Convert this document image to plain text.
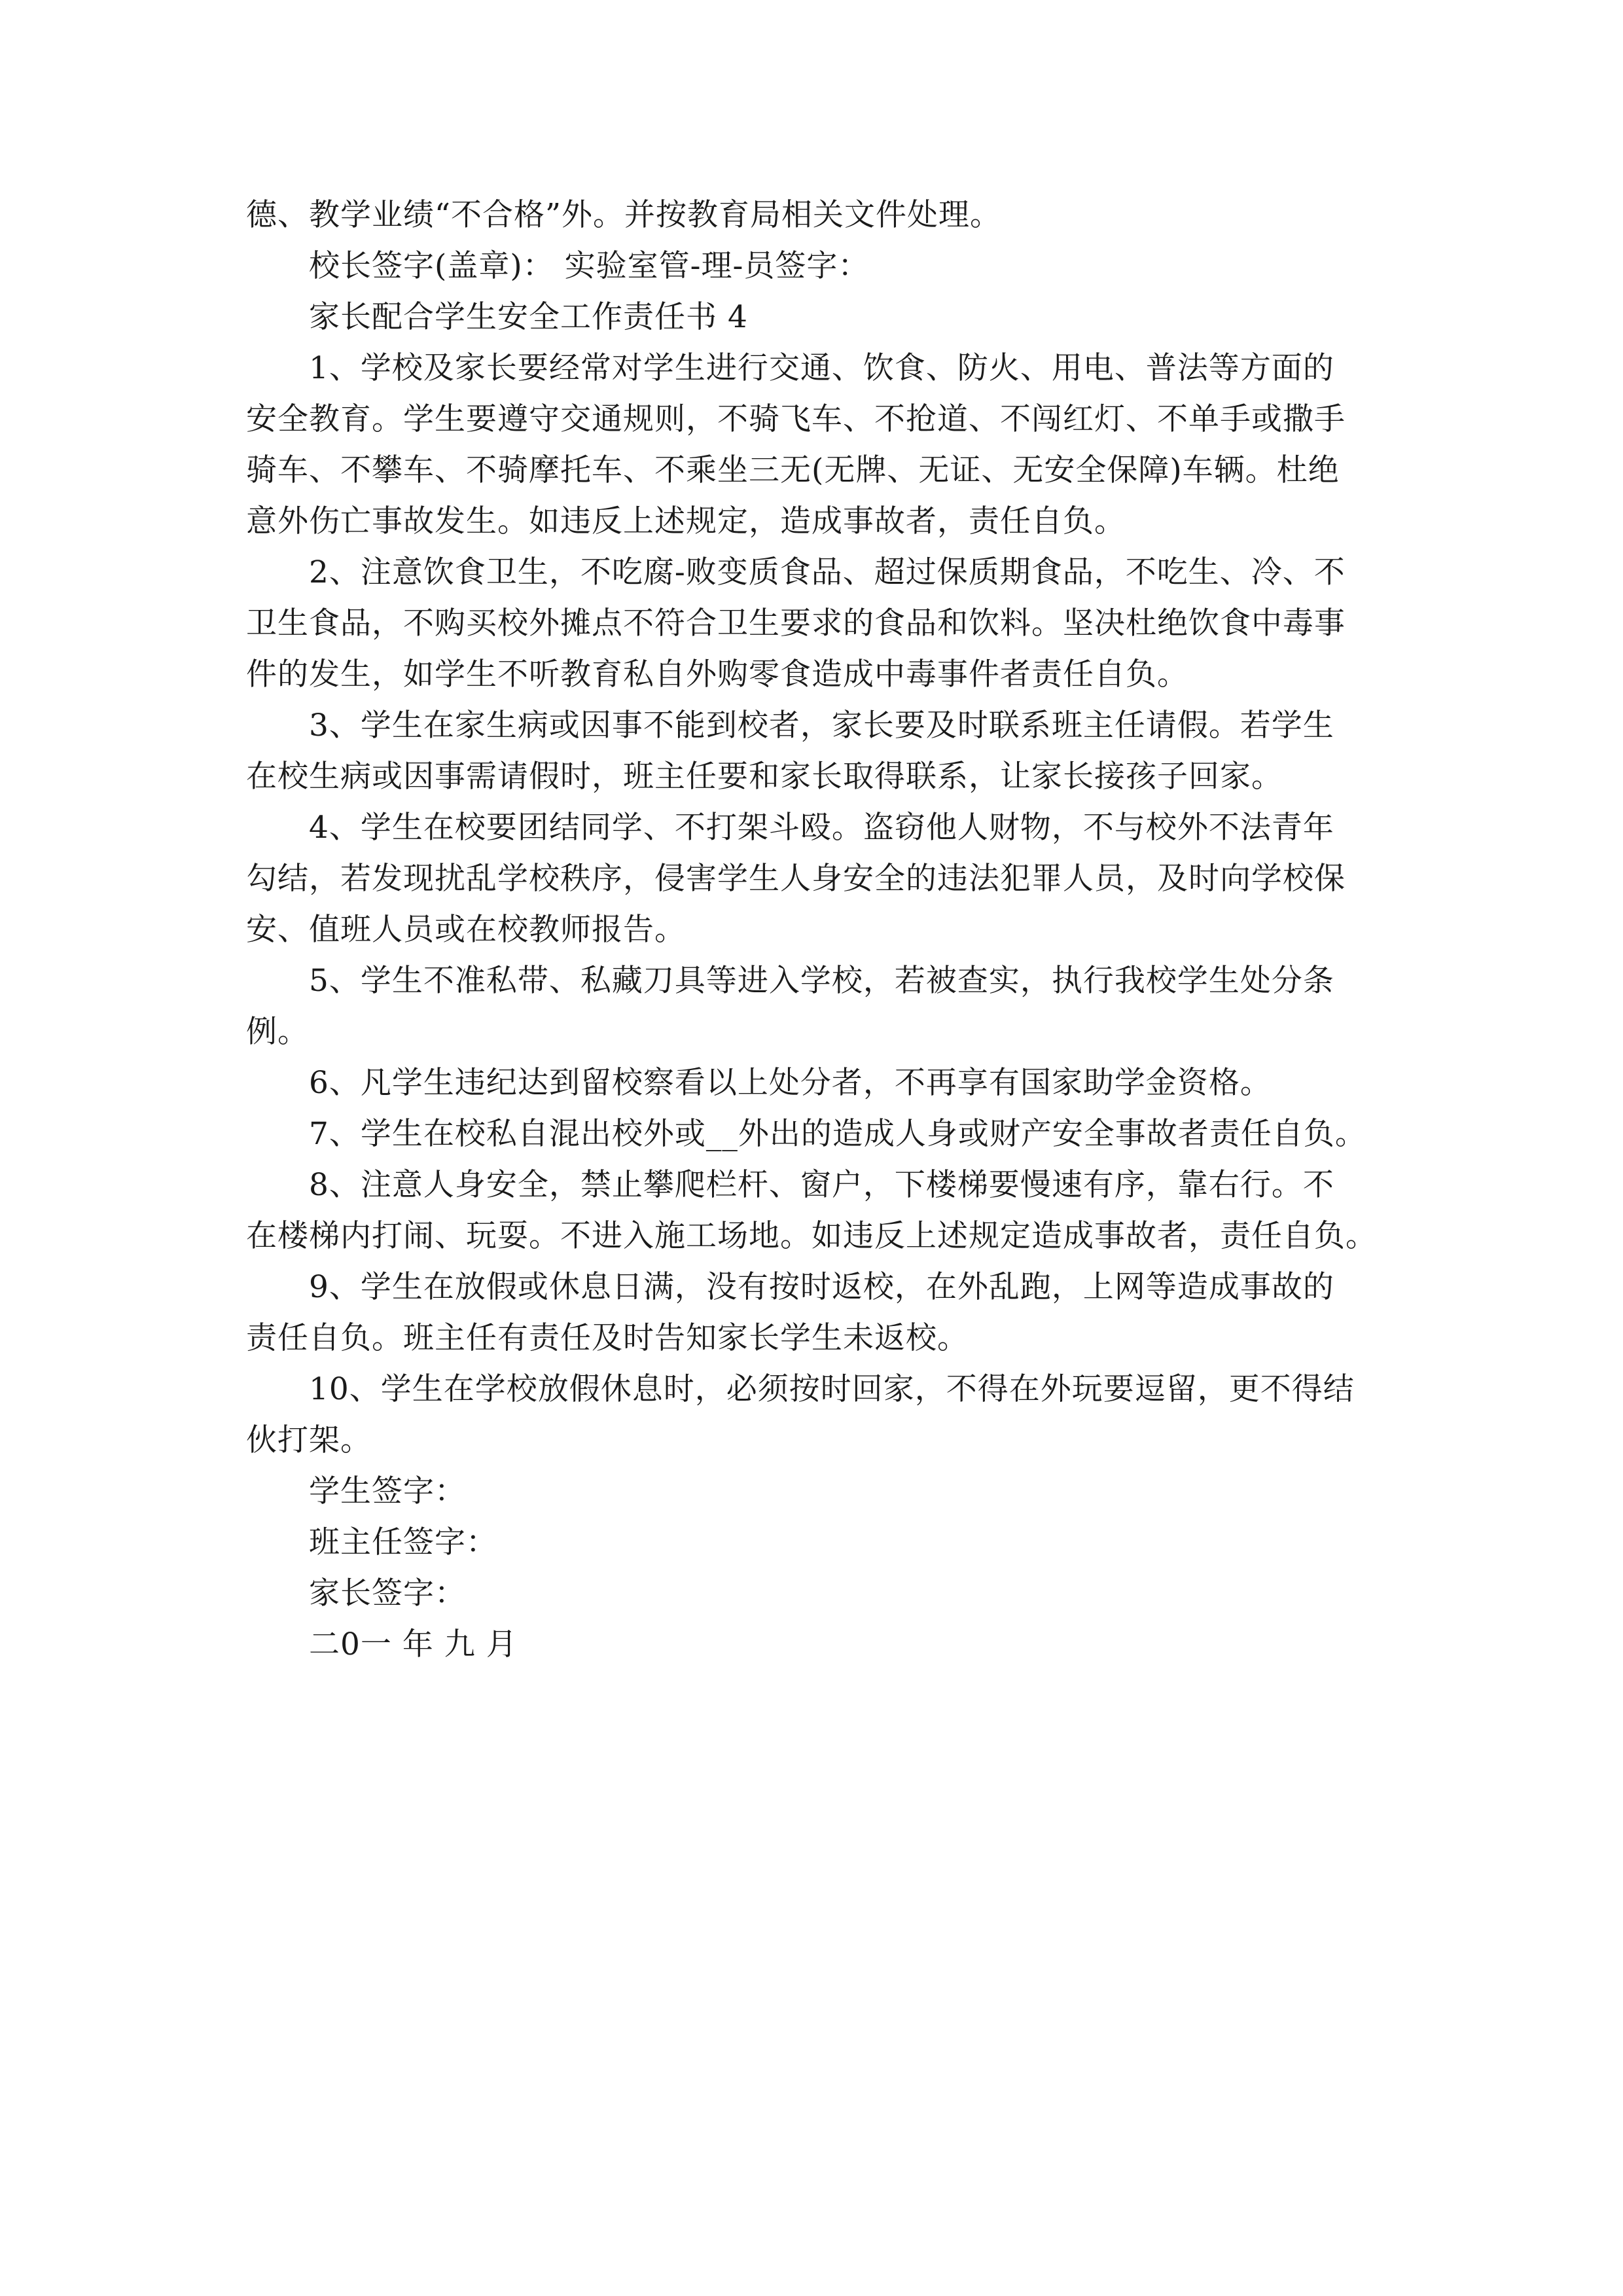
德、教学业绩“不合格”外。并按教育局相关文件处理。

校长签字(盖章)： 实验室管-理-员签字：

家长配合学生安全工作责任书 4

1、学校及家长要经常对学生进行交通、饮食、防火、用电、普法等方面的
安全教育。学生要遵守交通规则，不骑飞车、不抢道、不闯红灯、不单手或撒手
骑车、不攀车、不骑摩托车、不乘坐三无(无牌、无证、无安全保障)车辆。杜绝
意外伤亡事故发生。如违反上述规定，造成事故者，责任自负。
2、注意饮食卫生，不吃腐-败变质食品、超过保质期食品，不吃生、冷、不
卫生食品，不购买校外摊点不符合卫生要求的食品和饮料。坚决杜绝饮食中毒事
件的发生，如学生不听教育私自外购零食造成中毒事件者责任自负。
3、学生在家生病或因事不能到校者，家长要及时联系班主任请假。若学生
在校生病或因事需请假时，班主任要和家长取得联系，让家长接孩子回家。
4、学生在校要团结同学、不打架斗殴。盗窃他人财物，不与校外不法青年
勾结，若发现扰乱学校秩序，侵害学生人身安全的违法犯罪人员，及时向学校保
安、值班人员或在校教师报告。
5、学生不准私带、私藏刀具等进入学校，若被查实，执行我校学生处分条
例。
6、凡学生违纪达到留校察看以上处分者，不再享有国家助学金资格。
7、学生在校私自混出校外或__外出的造成人身或财产安全事故者责任自负。
8、注意人身安全，禁止攀爬栏杆、窗户，下楼梯要慢速有序，靠右行。不
在楼梯内打闹、玩耍。不进入施工场地。如违反上述规定造成事故者，责任自负。
9、学生在放假或休息日满，没有按时返校，在外乱跑，上网等造成事故的
责任自负。班主任有责任及时告知家长学生未返校。
10、学生在学校放假休息时，必须按时回家，不得在外玩要逗留，更不得结
伙打架。

学生签字：

班主任签字：

家长签字：

二0一 年 九 月
